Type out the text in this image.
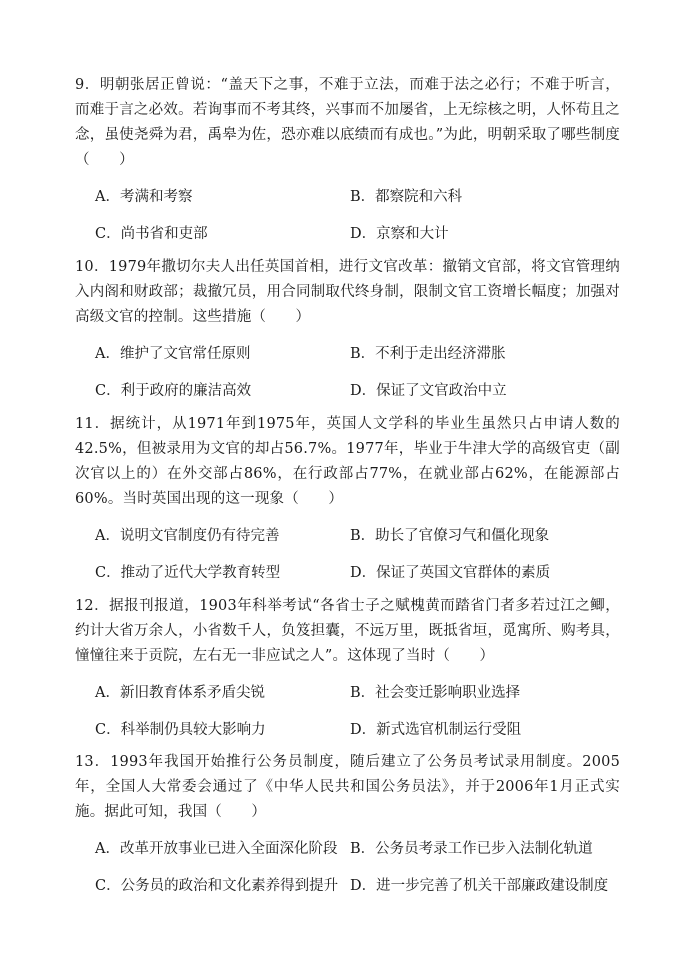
9．明朝张居正曾说：“盖天下之事，不难于立法，而难于法之必行；不难于听言，而难于言之必效。若询事而不考其终，兴事而不加屡省，上无综核之明，人怀苟且之念，虽使尧舜为君，禹皋为佐，恐亦难以底绩而有成也。”为此，明朝采取了哪些制度（　　）

A．考满和考察	B．都察院和六科
C．尚书省和吏部	D．京察和大计

10．1979年撒切尔夫人出任英国首相，进行文官改革：撤销文官部，将文官管理纳入内阁和财政部；裁撤冗员，用合同制取代终身制，限制文官工资增长幅度；加强对高级文官的控制。这些措施（　　）

A．维护了文官常任原则	B．不利于走出经济滞胀
C．利于政府的廉洁高效	D．保证了文官政治中立

11．据统计，从1971年到1975年，英国人文学科的毕业生虽然只占申请人数的42.5%，但被录用为文官的却占56.7%。1977年，毕业于牛津大学的高级官吏（副次官以上的）在外交部占86%，在行政部占77%，在就业部占62%，在能源部占60%。当时英国出现的这一现象（　　）

A．说明文官制度仍有待完善	B．助长了官僚习气和僵化现象
C．推动了近代大学教育转型	D．保证了英国文官群体的素质

12．据报刊报道，1903年科举考试“各省士子之赋槐黄而踏省门者多若过江之鲫，约计大省万余人，小省数千人，负笈担囊，不远万里，既抵省垣，觅寓所、购考具，憧憧往来于贡院，左右无一非应试之人”。这体现了当时（　　）

A．新旧教育体系矛盾尖锐	B．社会变迁影响职业选择
C．科举制仍具较大影响力	D．新式选官机制运行受阻

13．1993年我国开始推行公务员制度，随后建立了公务员考试录用制度。2005年，全国人大常委会通过了《中华人民共和国公务员法》，并于2006年1月正式实施。据此可知，我国（　　）

A．改革开放事业已进入全面深化阶段 B．公务员考录工作已步入法制化轨道
C．公务员的政治和文化素养得到提升 D．进一步完善了机关干部廉政建设制度
